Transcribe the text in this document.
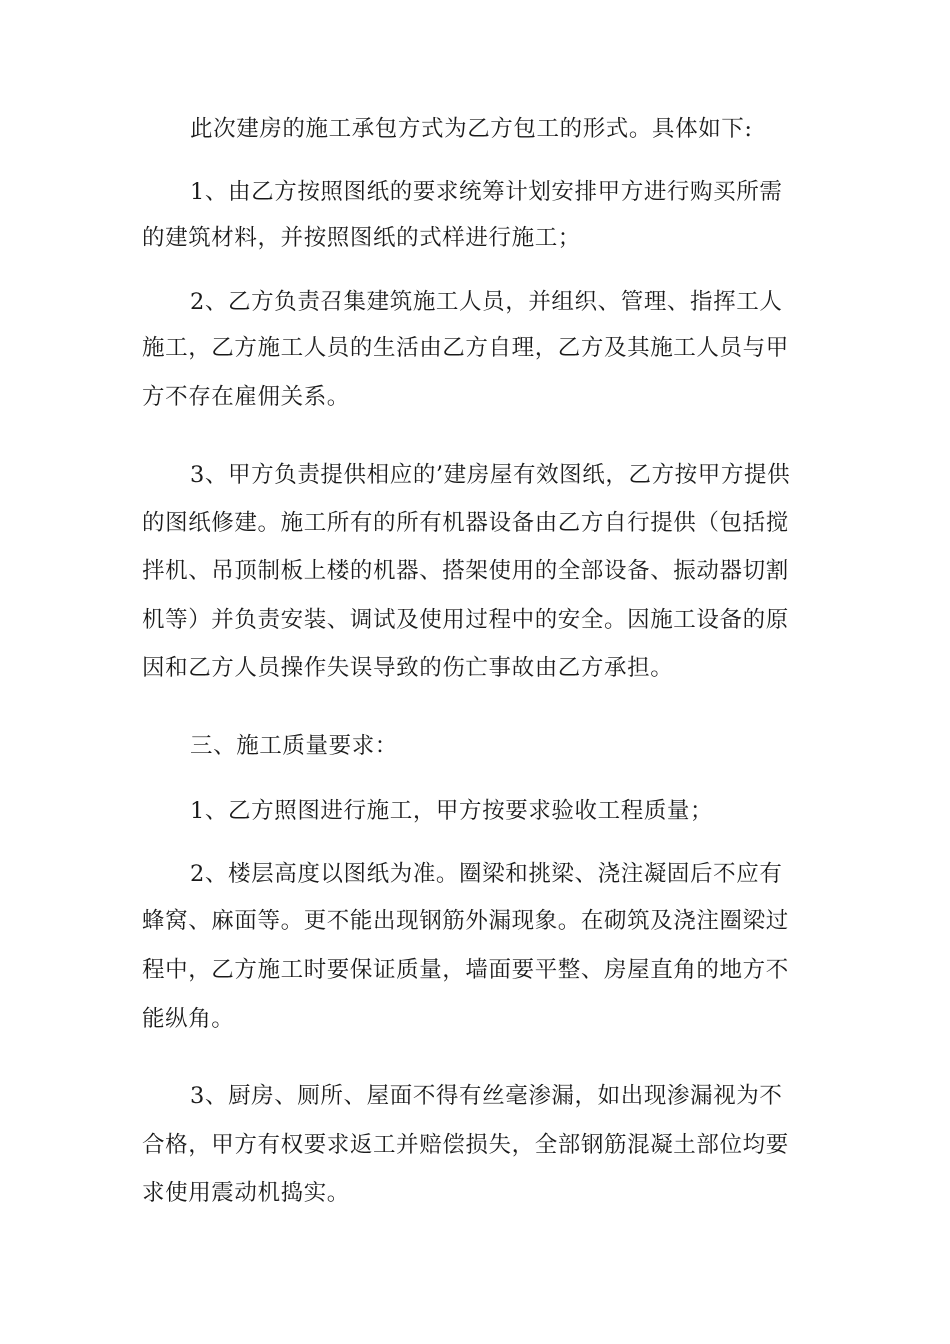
此次建房的施工承包方式为乙方包工的形式。具体如下:

1、由乙方按照图纸的要求统筹计划安排甲方进行购买所需

的建筑材料，并按照图纸的式样进行施工；

2、乙方负责召集建筑施工人员，并组织、管理、指挥工人

施工，乙方施工人员的生活由乙方自理，乙方及其施工人员与甲

方不存在雇佣关系。

3、甲方负责提供相应的’建房屋有效图纸，乙方按甲方提供

的图纸修建。施工所有的所有机器设备由乙方自行提供（包括搅

拌机、吊顶制板上楼的机器、搭架使用的全部设备、振动器切割

机等）并负责安装、调试及使用过程中的安全。因施工设备的原

因和乙方人员操作失误导致的伤亡事故由乙方承担。

三、施工质量要求：

1、乙方照图进行施工，甲方按要求验收工程质量；

2、楼层高度以图纸为准。圈梁和挑梁、浇注凝固后不应有

蜂窝、麻面等。更不能出现钢筋外漏现象。在砌筑及浇注圈梁过

程中，乙方施工时要保证质量，墙面要平整、房屋直角的地方不

能纵角。

3、厨房、厕所、屋面不得有丝毫渗漏，如出现渗漏视为不

合格，甲方有权要求返工并赔偿损失，全部钢筋混凝土部位均要

求使用震动机捣实。
